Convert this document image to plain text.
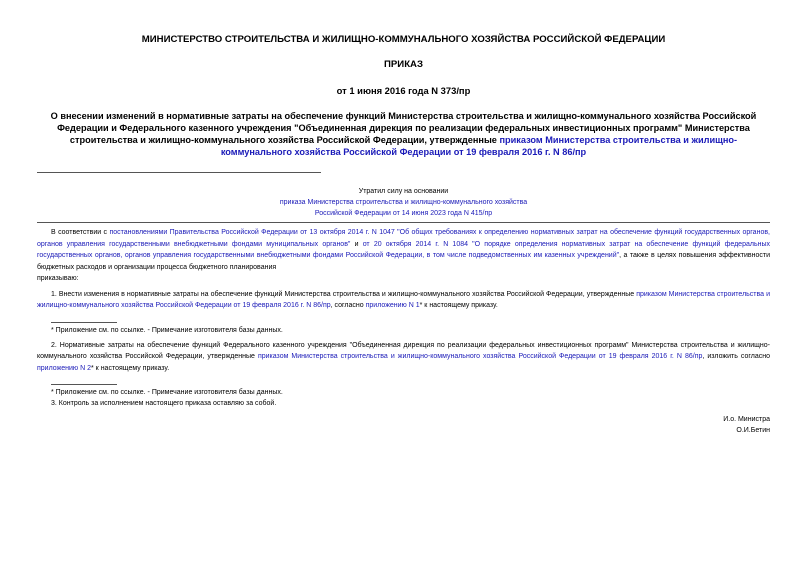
МИНИСТЕРСТВО СТРОИТЕЛЬСТВА И ЖИЛИЩНО-КОММУНАЛЬНОГО ХОЗЯЙСТВА РОССИЙСКОЙ ФЕДЕРАЦИИ

ПРИКАЗ

от 1 июня 2016 года N 373/пр

О внесении изменений в нормативные затраты на обеспечение функций Министерства строительства и жилищно-коммунального хозяйства Российской Федерации и Федерального казенного учреждения "Объединенная дирекция по реализации федеральных инвестиционных программ" Министерства строительства и жилищно-коммунального хозяйства Российской Федерации, утвержденные приказом Министерства строительства и жилищно-коммунального хозяйства Российской Федерации от 19 февраля 2016 г. N 86/пр

Утратил силу на основании
приказа Министерства строительства и жилищно-коммунального хозяйства
Российской Федерации от 14 июня 2023 года N 415/пр

В соответствии с постановлениями Правительства Российской Федерации от 13 октября 2014 г. N 1047 "Об общих требованиях к определению нормативных затрат на обеспечение функций государственных органов, органов управления государственными внебюджетными фондами муниципальных органов" и от 20 октября 2014 г. N 1084 "О порядке определения нормативных затрат на обеспечение функций федеральных государственных органов, органов управления государственными внебюджетными фондами Российской Федерации, в том числе подведомственных им казенных учреждений", а также в целях повышения эффективности бюджетных расходов и организации процесса бюджетного планирования

приказываю:

1. Внести изменения в нормативные затраты на обеспечение функций Министерства строительства и жилищно-коммунального хозяйства Российской Федерации, утвержденные приказом Министерства строительства и жилищно-коммунального хозяйства Российской Федерации от 19 февраля 2016 г. N 86/пр, согласно приложению N 1* к настоящему приказу.

* Приложение см. по ссылке. - Примечание изготовителя базы данных.

2. Нормативные затраты на обеспечение функций Федерального казенного учреждения "Объединенная дирекция по реализации федеральных инвестиционных программ" Министерства строительства и жилищно-коммунального хозяйства Российской Федерации, утвержденные приказом Министерства строительства и жилищно-коммунального хозяйства Российской Федерации от 19 февраля 2016 г. N 86/пр, изложить согласно приложению N 2* к настоящему приказу.

* Приложение см. по ссылке. - Примечание изготовителя базы данных.

3. Контроль за исполнением настоящего приказа оставляю за собой.

И.о. Министра

О.И.Бетин
